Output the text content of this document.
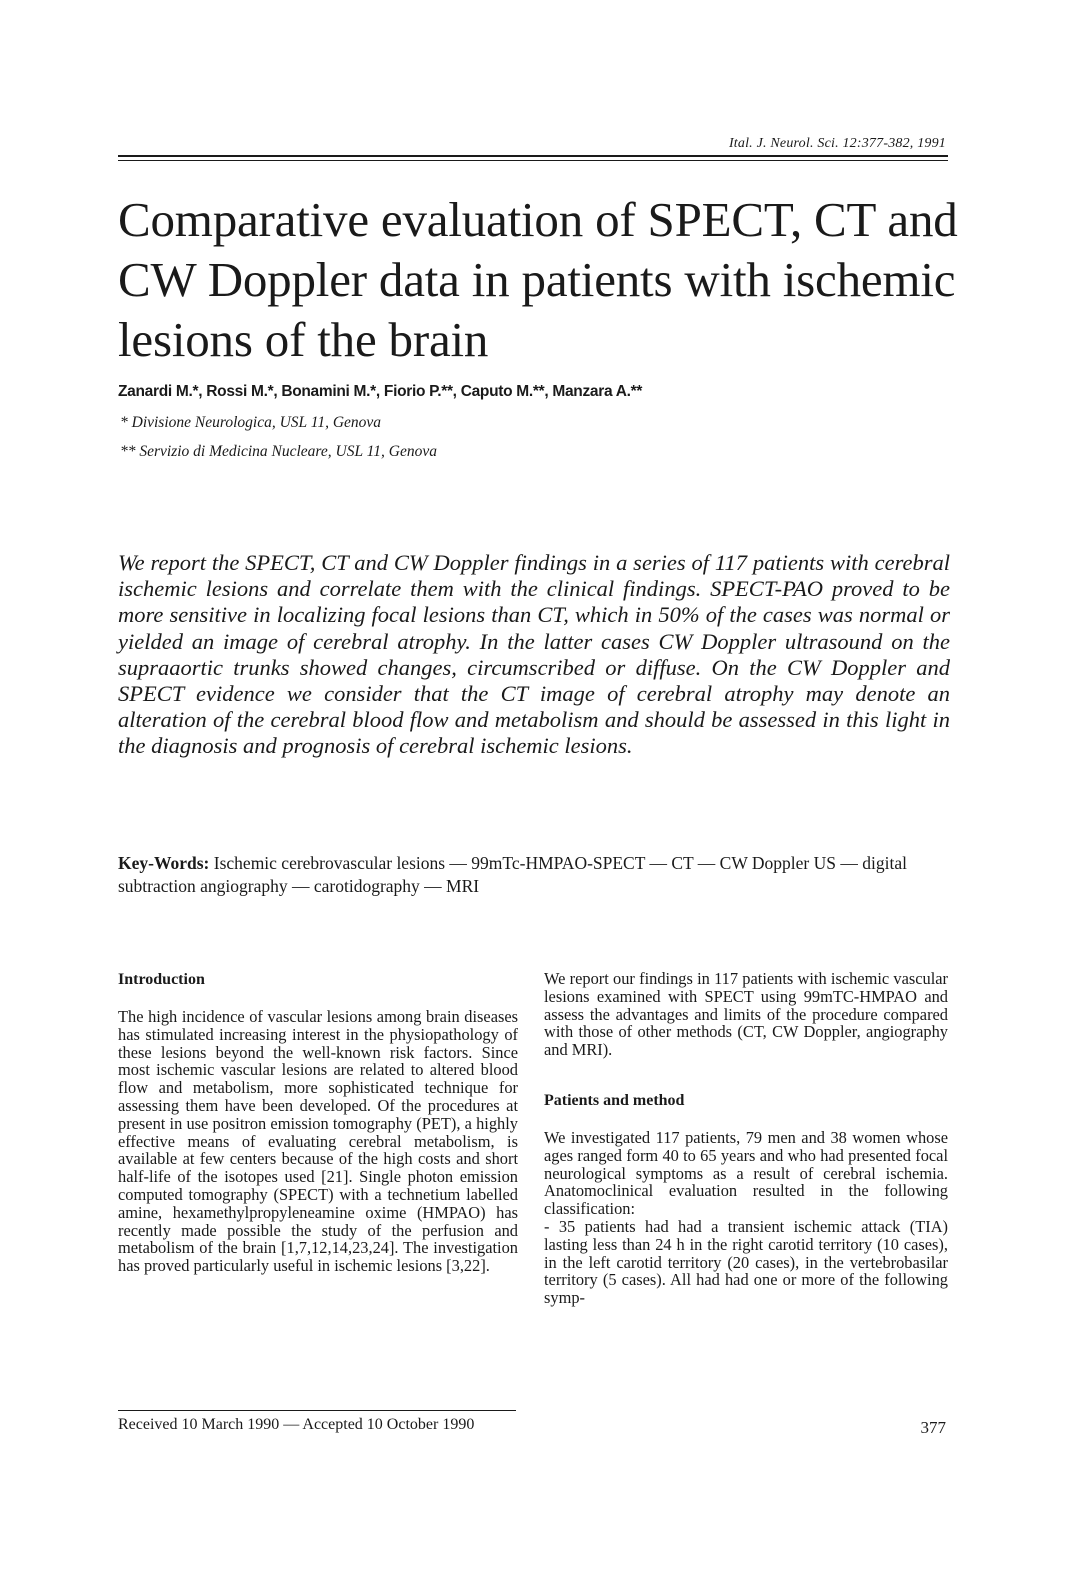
Ital. J. Neurol. Sci. 12:377-382, 1991
Comparative evaluation of SPECT, CT and CW Doppler data in patients with ischemic lesions of the brain
Zanardi M.*, Rossi M.*, Bonamini M.*, Fiorio P.**, Caputo M.**, Manzara A.**
* Divisione Neurologica, USL 11, Genova
** Servizio di Medicina Nucleare, USL 11, Genova

We report the SPECT, CT and CW Doppler findings in a series of 117 patients with cerebral ischemic lesions and correlate them with the clinical findings. SPECT-PAO proved to be more sensitive in localizing focal lesions than CT, which in 50% of the cases was normal or yielded an image of cerebral atrophy. In the latter cases CW Doppler ultrasound on the supraaortic trunks showed changes, circumscribed or diffuse. On the CW Doppler and SPECT evidence we consider that the CT image of cerebral atrophy may denote an alteration of the cerebral blood flow and metabolism and should be assessed in this light in the diagnosis and prognosis of cerebral ischemic lesions.

Key-Words: Ischemic cerebrovascular lesions — 99mTc-HMPAO-SPECT — CT — CW Doppler US — digital subtraction angiography — carotidography — MRI

Introduction

The high incidence of vascular lesions among brain diseases has stimulated increasing interest in the physiopathology of these lesions beyond the well-known risk factors. Since most ischemic vascular lesions are related to altered blood flow and metabolism, more sophisticated technique for assessing them have been developed. Of the procedures at present in use positron emission tomography (PET), a highly effective means of evaluating cerebral metabolism, is available at few centers because of the high costs and short half-life of the isotopes used [21]. Single photon emission computed tomography (SPECT) with a technetium labelled amine, hexamethylpropyleneamine oxime (HMPAO) has recently made possible the study of the perfusion and metabolism of the brain [1,7,12,14,23,24]. The investigation has proved particularly useful in ischemic lesions [3,22].

We report our findings in 117 patients with ischemic vascular lesions examined with SPECT using 99mTC-HMPAO and assess the advantages and limits of the procedure compared with those of other methods (CT, CW Doppler, angiography and MRI).

Patients and method

We investigated 117 patients, 79 men and 38 women whose ages ranged form 40 to 65 years and who had presented focal neurological symptoms as a result of cerebral ischemia. Anatomoclinical evaluation resulted in the following classification:

- 35 patients had had a transient ischemic attack (TIA) lasting less than 24 h in the right carotid territory (10 cases), in the left carotid territory (20 cases), in the vertebrobasilar territory (5 cases). All had had one or more of the following symp-

Received 10 March 1990 — Accepted 10 October 1990	377
